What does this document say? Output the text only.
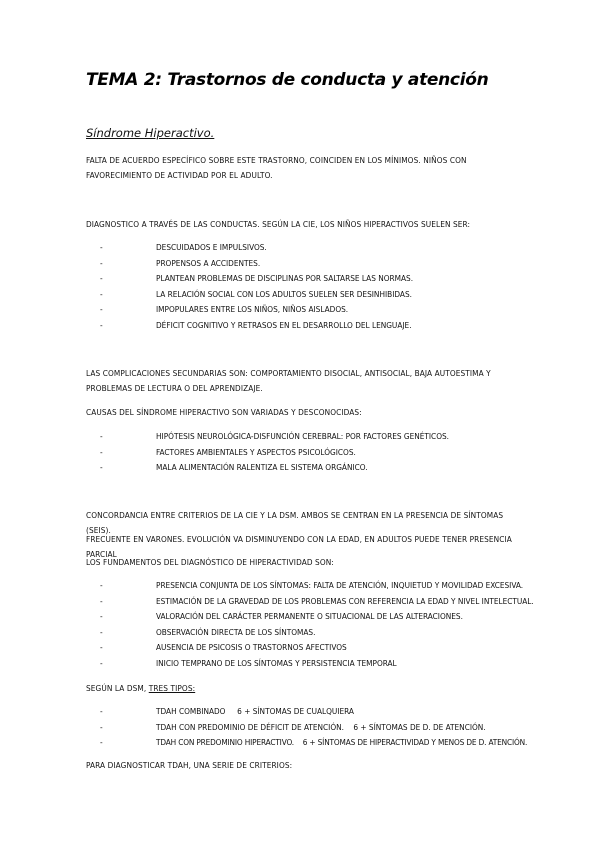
TEMA 2: Trastornos de conducta y atención
Síndrome Hiperactivo.
FALTA DE ACUERDO ESPECÍFICO SOBRE ESTE TRASTORNO, COINCIDEN EN LOS MÍNIMOS. NIÑOS CON FAVORECIMIENTO DE ACTIVIDAD POR EL ADULTO.
DIAGNOSTICO A TRAVÉS DE LAS CONDUCTAS. SEGÚN LA CIE, LOS NIÑOS HIPERACTIVOS SUELEN SER:
-	DESCUIDADOS E IMPULSIVOS.
-	PROPENSOS A ACCIDENTES.
-	PLANTEAN PROBLEMAS DE DISCIPLINAS POR SALTARSE LAS NORMAS.
-	LA RELACIÓN SOCIAL CON LOS ADULTOS SUELEN SER DESINHIBIDAS.
-	IMPOPULARES ENTRE LOS NIÑOS, NIÑOS AISLADOS.
-	DÉFICIT COGNITIVO Y RETRASOS EN EL DESARROLLO DEL LENGUAJE.
LAS COMPLICACIONES SECUNDARIAS SON: COMPORTAMIENTO DISOCIAL, ANTISOCIAL, BAJA AUTOESTIMA Y PROBLEMAS DE LECTURA O DEL APRENDIZAJE.
CAUSAS DEL SÍNDROME HIPERACTIVO SON VARIADAS Y DESCONOCIDAS:
-	HIPÓTESIS NEUROLÓGICA-DISFUNCIÓN CEREBRAL: POR FACTORES GENÉTICOS.
-	FACTORES AMBIENTALES Y ASPECTOS PSICOLÓGICOS.
-	MALA ALIMENTACIÓN RALENTIZA EL SISTEMA ORGÁNICO.
CONCORDANCIA ENTRE CRITERIOS DE LA CIE Y LA DSM. AMBOS SE CENTRAN EN LA PRESENCIA DE SÍNTOMAS (SEIS).
FRECUENTE EN VARONES. EVOLUCIÓN VA DISMINUYENDO CON LA EDAD, EN ADULTOS PUEDE TENER PRESENCIA PARCIAL
LOS FUNDAMENTOS DEL DIAGNÓSTICO DE HIPERACTIVIDAD SON:
-	PRESENCIA CONJUNTA DE LOS SÍNTOMAS: FALTA DE ATENCIÓN, INQUIETUD Y MOVILIDAD EXCESIVA.
-	ESTIMACIÓN DE LA GRAVEDAD DE LOS PROBLEMAS CON REFERENCIA LA EDAD Y NIVEL INTELECTUAL.
-	VALORACIÓN DEL CARÁCTER PERMANENTE O SITUACIONAL DE LAS ALTERACIONES.
-	OBSERVACIÓN DIRECTA DE LOS SÍNTOMAS.
-	AUSENCIA DE PSICOSIS O TRASTORNOS AFECTIVOS
-	INICIO TEMPRANO DE LOS SÍNTOMAS Y PERSISTENCIA TEMPORAL
SEGÚN LA DSM, TRES TIPOS:
-	TDAH COMBINADO     6 + SÍNTOMAS DE CUALQUIERA
-	TDAH CON PREDOMINIO DE DÉFICIT DE ATENCIÓN.    6 + SÍNTOMAS DE D. DE ATENCIÓN.
-	TDAH CON PREDOMINIO HIPERACTIVO.    6 + SÍNTOMAS DE HIPERACTIVIDAD Y MENOS DE D. ATENCIÓN.
PARA DIAGNOSTICAR TDAH, UNA SERIE DE CRITERIOS:
